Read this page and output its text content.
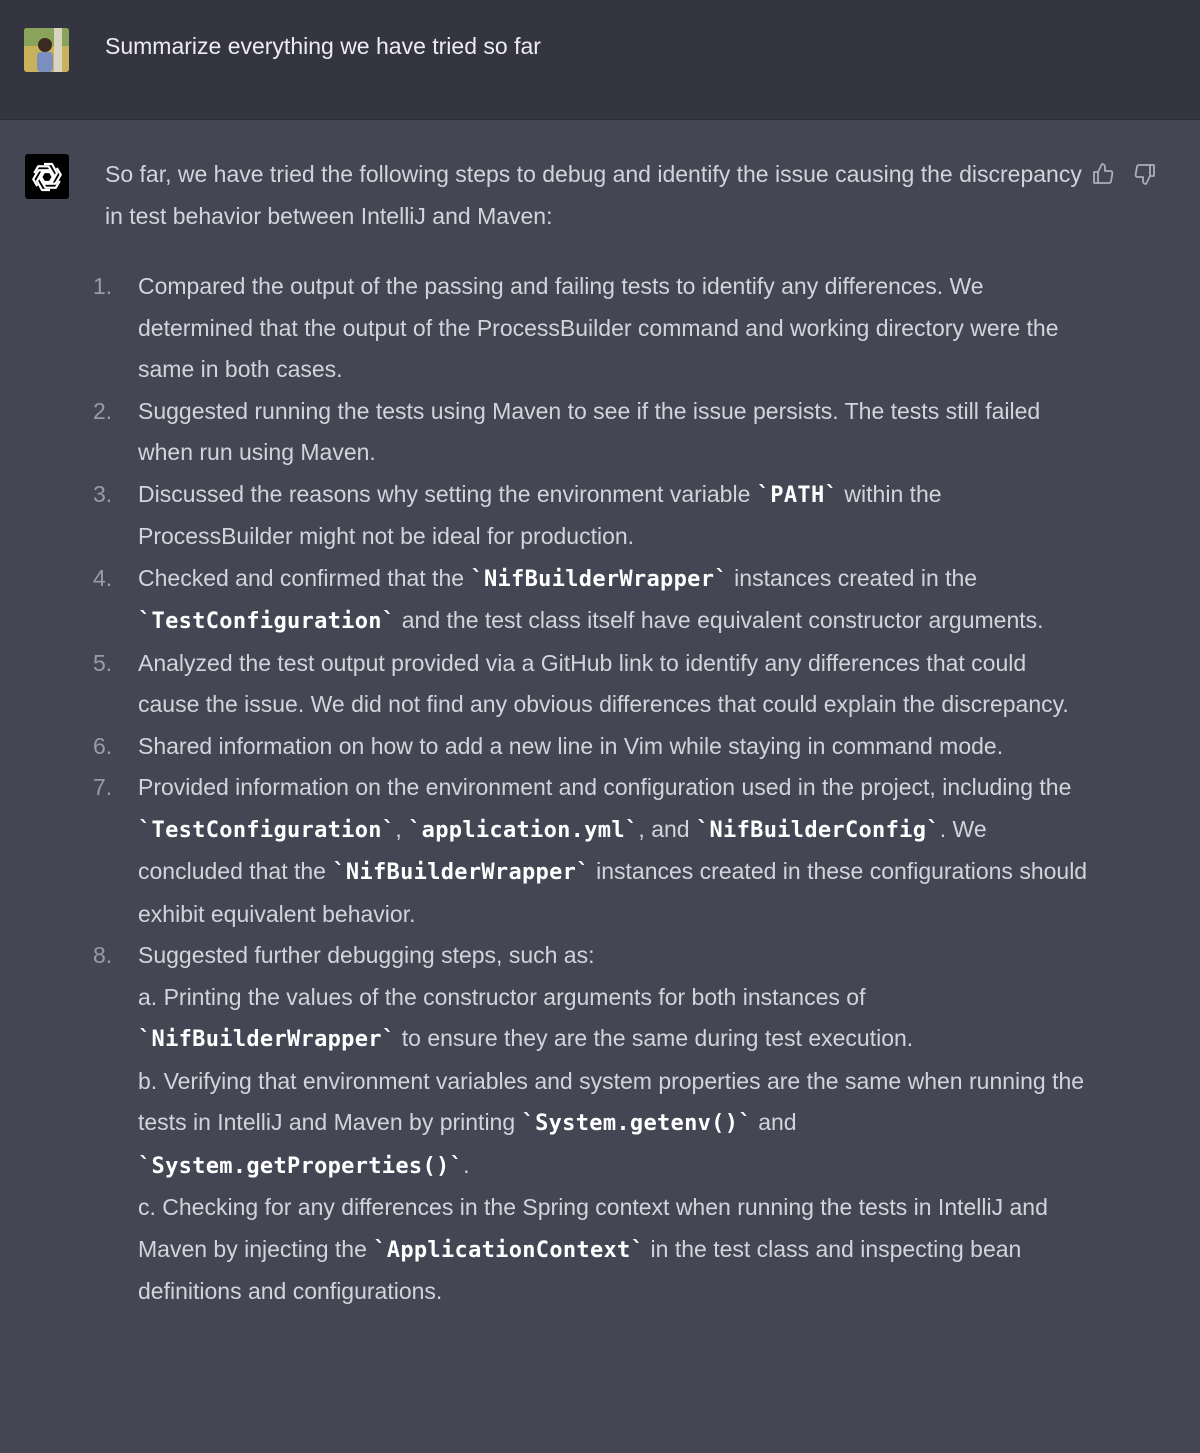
Summarize everything we have tried so far

So far, we have tried the following steps to debug and identify the issue causing the discrepancy in test behavior between IntelliJ and Maven:

1. Compared the output of the passing and failing tests to identify any differences. We determined that the output of the ProcessBuilder command and working directory were the same in both cases.
2. Suggested running the tests using Maven to see if the issue persists. The tests still failed when run using Maven.
3. Discussed the reasons why setting the environment variable `PATH` within the ProcessBuilder might not be ideal for production.
4. Checked and confirmed that the `NifBuilderWrapper` instances created in the `TestConfiguration` and the test class itself have equivalent constructor arguments.
5. Analyzed the test output provided via a GitHub link to identify any differences that could cause the issue. We did not find any obvious differences that could explain the discrepancy.
6. Shared information on how to add a new line in Vim while staying in command mode.
7. Provided information on the environment and configuration used in the project, including the `TestConfiguration`, `application.yml`, and `NifBuilderConfig`. We concluded that the `NifBuilderWrapper` instances created in these configurations should exhibit equivalent behavior.
8. Suggested further debugging steps, such as:
a. Printing the values of the constructor arguments for both instances of `NifBuilderWrapper` to ensure they are the same during test execution.
b. Verifying that environment variables and system properties are the same when running the tests in IntelliJ and Maven by printing `System.getenv()` and `System.getProperties()`.
c. Checking for any differences in the Spring context when running the tests in IntelliJ and Maven by injecting the `ApplicationContext` in the test class and inspecting bean definitions and configurations.
